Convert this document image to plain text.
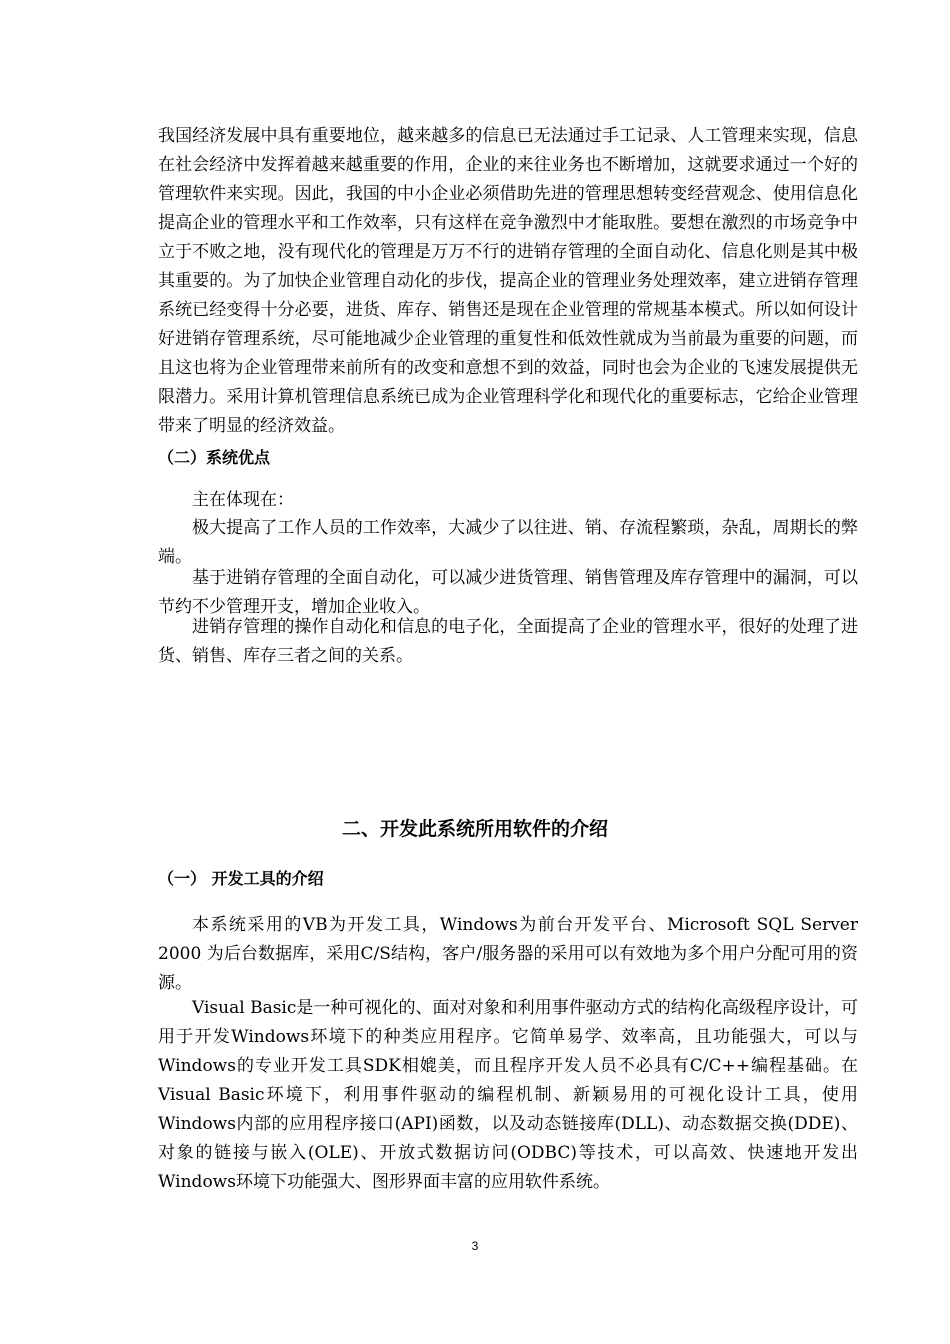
我国经济发展中具有重要地位，越来越多的信息已无法通过手工记录、人工管理来实现，信息在社会经济中发挥着越来越重要的作用，企业的来往业务也不断增加，这就要求通过一个好的管理软件来实现。因此，我国的中小企业必须借助先进的管理思想转变经营观念、使用信息化提高企业的管理水平和工作效率，只有这样在竞争激烈中才能取胜。要想在激烈的市场竞争中立于不败之地，没有现代化的管理是万万不行的进销存管理的全面自动化、信息化则是其中极其重要的。为了加快企业管理自动化的步伐，提高企业的管理业务处理效率，建立进销存管理系统已经变得十分必要，进货、库存、销售还是现在企业管理的常规基本模式。所以如何设计好进销存管理系统，尽可能地减少企业管理的重复性和低效性就成为当前最为重要的问题，而且这也将为企业管理带来前所有的改变和意想不到的效益，同时也会为企业的飞速发展提供无限潜力。采用计算机管理信息系统已成为企业管理科学化和现代化的重要标志，它给企业管理带来了明显的经济效益。

（二）系统优点

主在体现在：

极大提高了工作人员的工作效率，大减少了以往进、销、存流程繁琐，杂乱，周期长的弊端。

基于进销存管理的全面自动化，可以减少进货管理、销售管理及库存管理中的漏洞，可以节约不少管理开支，增加企业收入。

进销存管理的操作自动化和信息的电子化，全面提高了企业的管理水平，很好的处理了进货、销售、库存三者之间的关系。

二、开发此系统所用软件的介绍
（一） 开发工具的介绍

本系统采用的VB为开发工具，Windows为前台开发平台、Microsoft SQL Server 2000 为后台数据库，采用C/S结构，客户/服务器的采用可以有效地为多个用户分配可用的资源。

Visual Basic是一种可视化的、面对对象和利用事件驱动方式的结构化高级程序设计，可用于开发Windows环境下的种类应用程序。它简单易学、效率高，且功能强大，可以与Windows的专业开发工具SDK相媲美，而且程序开发人员不必具有C/C++编程基础。在Visual Basic环境下，利用事件驱动的编程机制、新颖易用的可视化设计工具，使用Windows内部的应用程序接口(API)函数，以及动态链接库(DLL)、动态数据交换(DDE)、对象的链接与嵌入(OLE)、开放式数据访问(ODBC)等技术，可以高效、快速地开发出Windows环境下功能强大、图形界面丰富的应用软件系统。

3
